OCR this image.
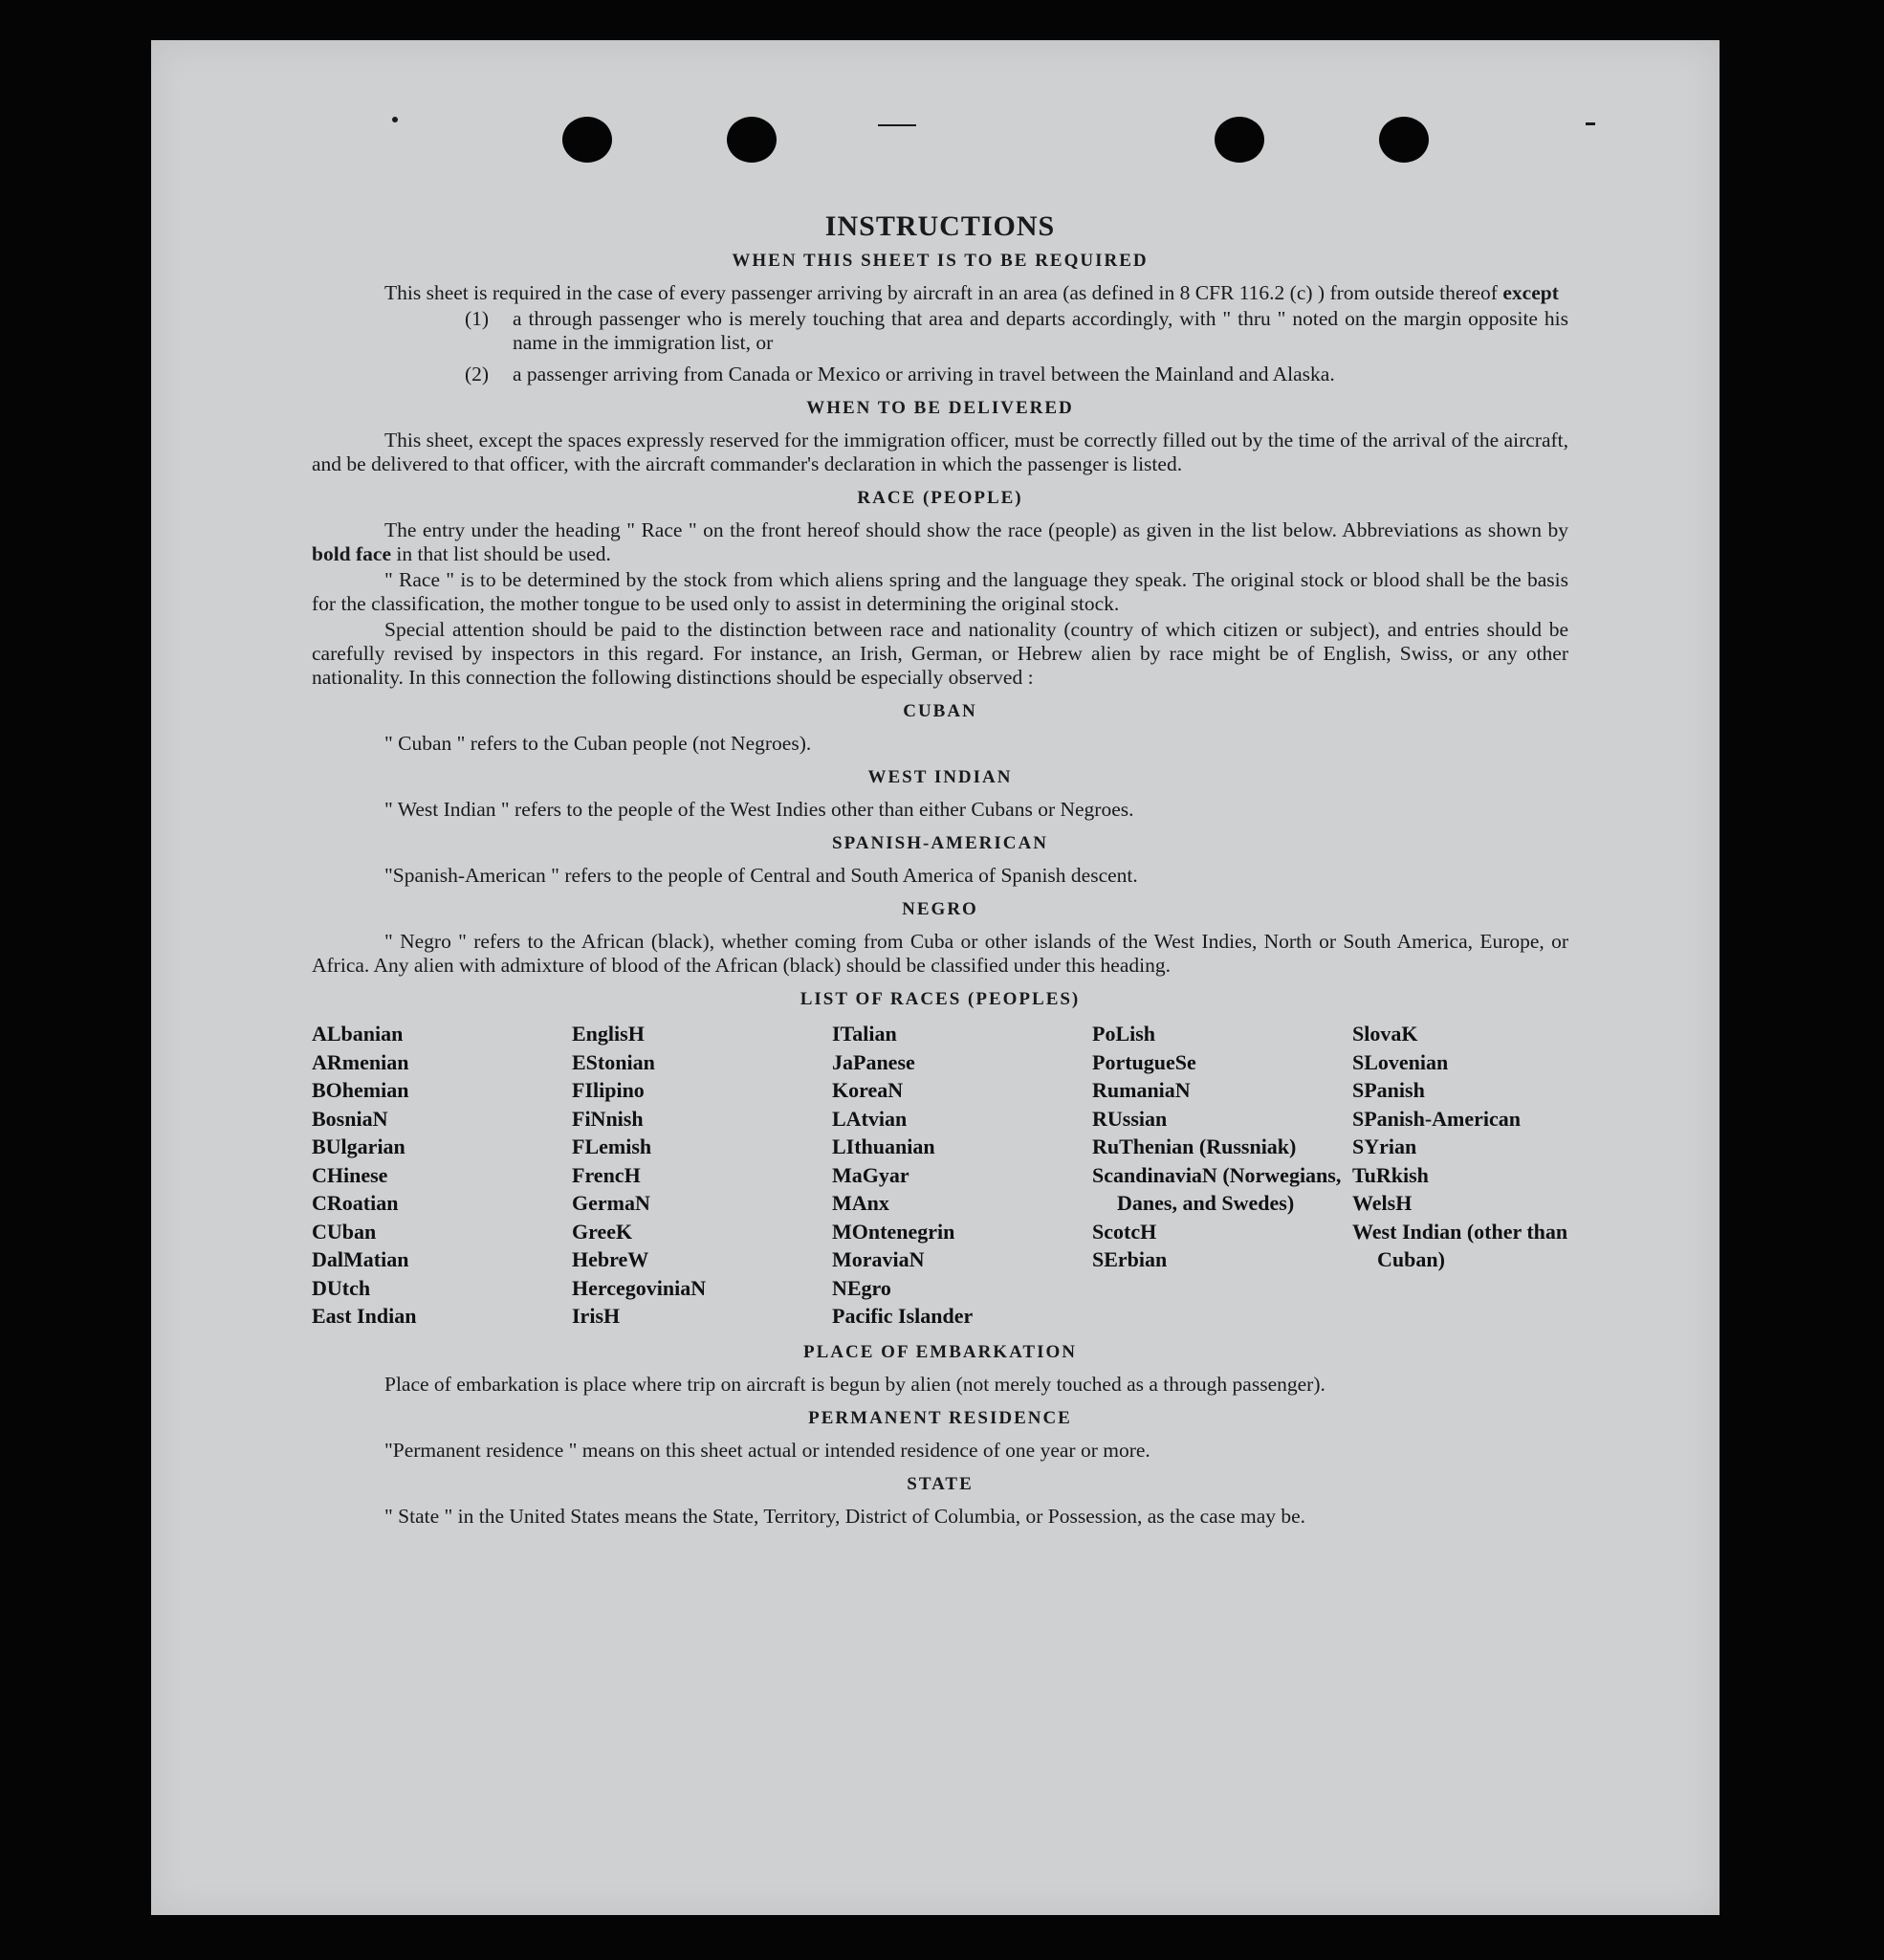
INSTRUCTIONS
WHEN THIS SHEET IS TO BE REQUIRED

This sheet is required in the case of every passenger arriving by aircraft in an area (as defined in 8 CFR 116.2 (c) ) from outside thereof except

(1)	a through passenger who is merely touching that area and departs accordingly, with " thru " noted on the margin opposite his name in the immigration list, or
(2)	a passenger arriving from Canada or Mexico or arriving in travel between the Mainland and Alaska.
WHEN TO BE DELIVERED

This sheet, except the spaces expressly reserved for the immigration officer, must be correctly filled out by the time of the arrival of the aircraft, and be delivered to that officer, with the aircraft commander's declaration in which the passenger is listed.

RACE (PEOPLE)

The entry under the heading " Race " on the front hereof should show the race (people) as given in the list below. Abbreviations as shown by bold face in that list should be used.

" Race " is to be determined by the stock from which aliens spring and the language they speak. The original stock or blood shall be the basis for the classification, the mother tongue to be used only to assist in determining the original stock.

Special attention should be paid to the distinction between race and nationality (country of which citizen or subject), and entries should be carefully revised by inspectors in this regard. For instance, an Irish, German, or Hebrew alien by race might be of English, Swiss, or any other nationality. In this connection the following distinctions should be especially observed :

CUBAN

" Cuban " refers to the Cuban people (not Negroes).

WEST INDIAN

" West Indian " refers to the people of the West Indies other than either Cubans or Negroes.

SPANISH-AMERICAN

"Spanish-American " refers to the people of Central and South America of Spanish descent.

NEGRO

" Negro " refers to the African (black), whether coming from Cuba or other islands of the West Indies, North or South America, Europe, or Africa. Any alien with admixture of blood of the African (black) should be classified under this heading.

LIST OF RACES (PEOPLES)
ALbanian
ARmenian
BOhemian
BosniaN
BUlgarian
CHinese
CRoatian
CUban
DalMatian
DUtch
East Indian
EnglisH
EStonian
FIlipino
FiNnish
FLemish
FrencH
GermaN
GreeK
HebreW
HercegoviniaN
IrisH
ITalian
JaPanese
KoreaN
LAtvian
LIthuanian
MaGyar
MAnx
MOntenegrin
MoraviaN
NEgro
Pacific Islander
PoLish
PortugueSe
RumaniaN
RUssian
RuThenian (Russniak)
ScandinaviaN (Norwegians, Danes, and Swedes)
ScotcH
SErbian
SlovaK
SLovenian
SPanish
SPanish-American
SYrian
TuRkish
WelsH
West Indian (other than Cuban)
PLACE OF EMBARKATION

Place of embarkation is place where trip on aircraft is begun by alien (not merely touched as a through passenger).

PERMANENT RESIDENCE

"Permanent residence " means on this sheet actual or intended residence of one year or more.

STATE

" State " in the United States means the State, Territory, District of Columbia, or Possession, as the case may be.
